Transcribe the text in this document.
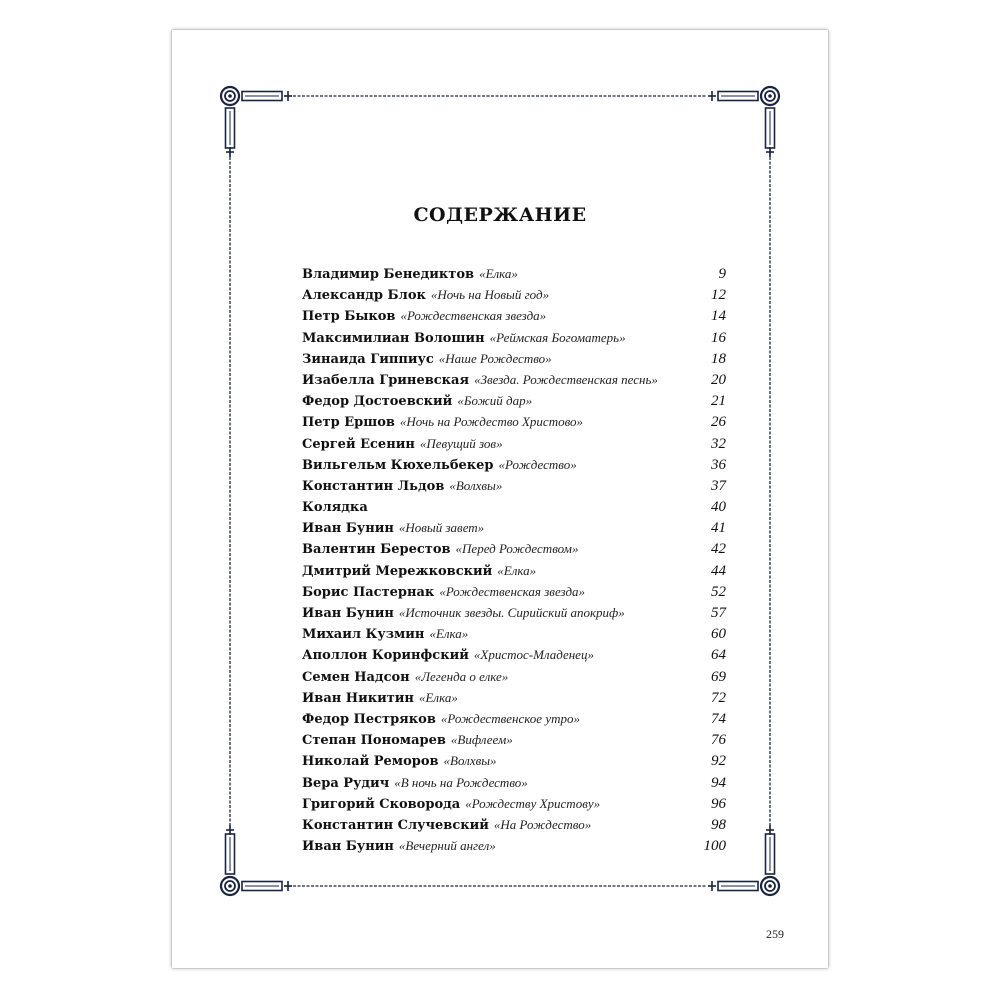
СОДЕРЖАНИЕ
Владимир Бенедиктов «Елка»	9
Александр Блок «Ночь на Новый год»	12
Петр Быков «Рождественская звезда»	14
Максимилиан Волошин «Реймская Богоматерь»	16
Зинаида Гиппиус «Наше Рождество»	18
Изабелла Гриневская «Звезда. Рождественская песнь»	20
Федор Достоевский «Божий дар»	21
Петр Ершов «Ночь на Рождество Христово»	26
Сергей Есенин «Певущий зов»	32
Вильгельм Кюхельбекер «Рождество»	36
Константин Льдов «Волхвы»	37
Колядка	40
Иван Бунин «Новый завет»	41
Валентин Берестов «Перед Рождеством»	42
Дмитрий Мережковский «Елка»	44
Борис Пастернак «Рождественская звезда»	52
Иван Бунин «Источник звезды. Сирийский апокриф»	57
Михаил Кузмин «Елка»	60
Аполлон Коринфский «Христос-Младенец»	64
Семен Надсон «Легенда о елке»	69
Иван Никитин «Елка»	72
Федор Пестряков «Рождественское утро»	74
Степан Пономарев «Вифлеем»	76
Николай Реморов «Волхвы»	92
Вера Рудич «В ночь на Рождество»	94
Григорий Сковорода «Рождеству Христову»	96
Константин Случевский «На Рождество»	98
Иван Бунин «Вечерний ангел»	100
259
